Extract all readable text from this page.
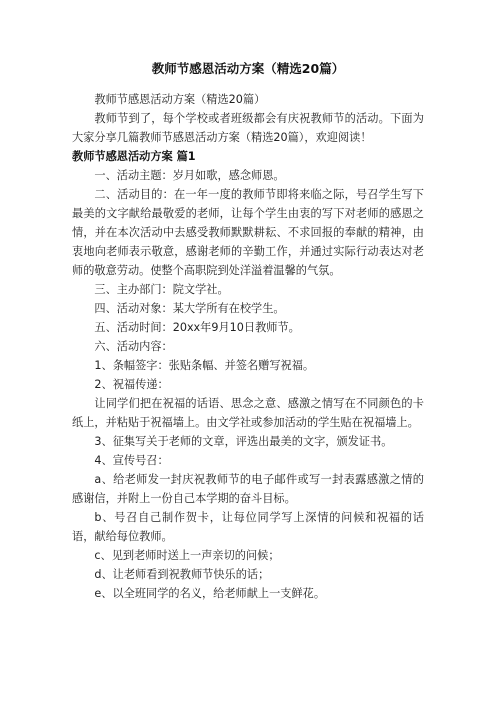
教师节感恩活动方案（精选20篇）

教师节感恩活动方案（精选20篇）

教师节到了，每个学校或者班级都会有庆祝教师节的活动。下面为大家分享几篇教师节感恩活动方案（精选20篇），欢迎阅读！

教师节感恩活动方案 篇1

一、活动主题：岁月如歌，感念师恩。

二、活动目的：在一年一度的教师节即将来临之际，号召学生写下最美的文字献给最敬爱的老师，让每个学生由衷的写下对老师的感恩之情，并在本次活动中去感受教师默默耕耘、不求回报的奉献的精神，由衷地向老师表示敬意，感谢老师的辛勤工作，并通过实际行动表达对老师的敬意劳动。使整个高职院到处洋溢着温馨的气氛。

三、主办部门：院文学社。

四、活动对象：某大学所有在校学生。

五、活动时间：20xx年9月10日教师节。

六、活动内容：

1、条幅签字：张贴条幅、并签名赠写祝福。

2、祝福传递：

让同学们把在祝福的话语、思念之意、感激之情写在不同颜色的卡纸上，并粘贴于祝福墙上。由文学社或参加活动的学生贴在祝福墙上。

3、征集写关于老师的文章，评选出最美的文字，颁发证书。

4、宣传号召：

a、给老师发一封庆祝教师节的电子邮件或写一封表露感激之情的感谢信，并附上一份自己本学期的奋斗目标。

b、号召自己制作贺卡，让每位同学写上深情的问候和祝福的话语，献给每位教师。

c、见到老师时送上一声亲切的问候；

d、让老师看到祝教师节快乐的话；

e、以全班同学的名义，给老师献上一支鲜花。
